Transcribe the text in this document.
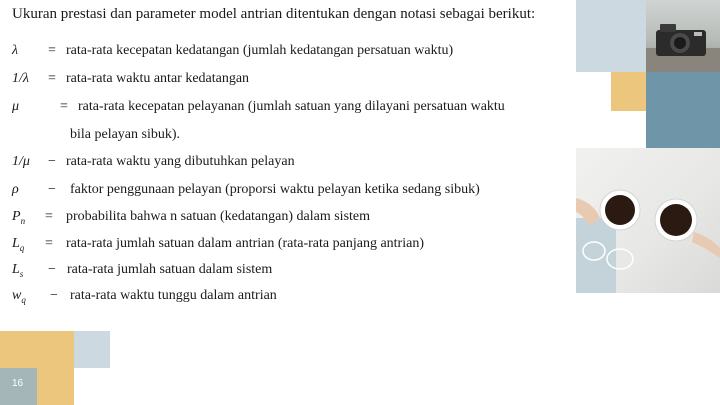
Ukuran prestasi dan parameter model antrian ditentukan dengan notasi sebagai berikut:
λ = rata-rata kecepatan kedatangan (jumlah kedatangan persatuan waktu)
1/λ = rata-rata waktu antar kedatangan
μ	= rata-rata kecepatan pelayanan (jumlah satuan yang dilayani persatuan waktu
bila pelayan sibuk).
1/μ − rata-rata waktu yang dibutuhkan pelayan
ρ − faktor penggunaan pelayan (proporsi waktu pelayan ketika sedang sibuk)
$P_n$ = probabilita bahwa n satuan (kedatangan) dalam sistem
$L_q$ = rata-rata jumlah satuan dalam antrian (rata-rata panjang antrian)
$L_s$ − rata-rata jumlah satuan dalam sistem
$w_q$ − rata-rata waktu tunggu dalam antrian
16
